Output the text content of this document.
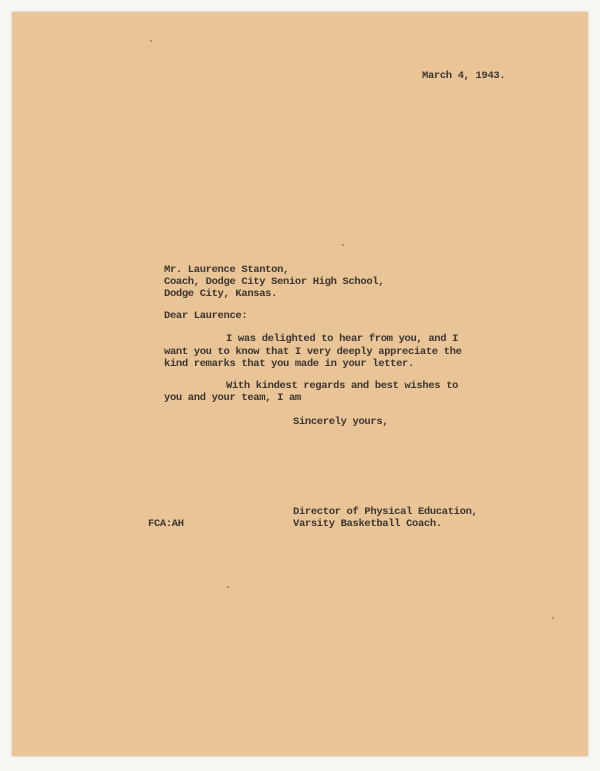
March 4, 1943.
Mr. Laurence Stanton,
Coach, Dodge City Senior High School,
Dodge City, Kansas.
Dear Laurence:
I was delighted to hear from you, and I
want you to know that I very deeply appreciate the
kind remarks that you made in your letter.
With kindest regards and best wishes to
you and your team, I am
Sincerely yours,
Director of Physical Education,
Varsity Basketball Coach.
FCA:AH
